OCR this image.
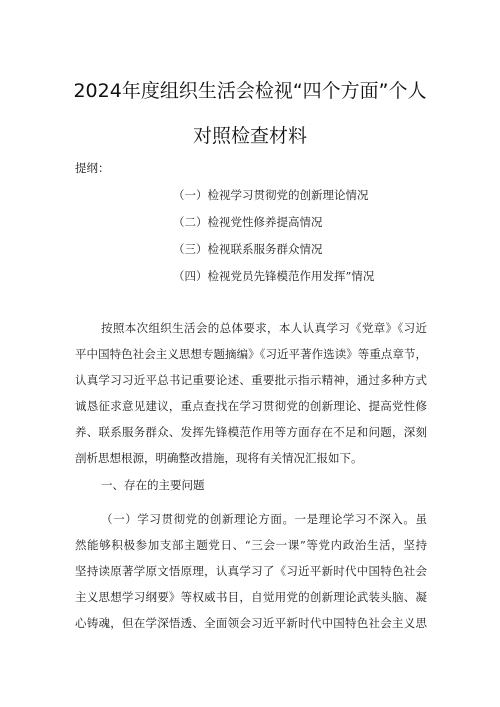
2024年度组织生活会检视“四个方面”个人
对照检查材料
提纲：
（一）检视学习贯彻党的创新理论情况
（二）检视党性修养提高情况
（三）检视联系服务群众情况
（四）检视党员先锋模范作用发挥”情况
按照本次组织生活会的总体要求，本人认真学习《党章》《习近
平中国特色社会主义思想专题摘编》《习近平著作选读》等重点章节，
认真学习习近平总书记重要论述、重要批示指示精神，通过多种方式
诚恳征求意见建议，重点查找在学习贯彻党的创新理论、提高党性修
养、联系服务群众、发挥先锋模范作用等方面存在不足和问题，深刻
剖析思想根源，明确整改措施，现将有关情况汇报如下。
一、存在的主要问题
（一）学习贯彻党的创新理论方面。一是理论学习不深入。虽
然能够积极参加支部主题党日、“三会一课”等党内政治生活，坚持
坚持读原著学原文悟原理，认真学习了《习近平新时代中国特色社会
主义思想学习纲要》等权威书目，自觉用党的创新理论武装头脑、凝
心铸魂，但在学深悟透、全面领会习近平新时代中国特色社会主义思
